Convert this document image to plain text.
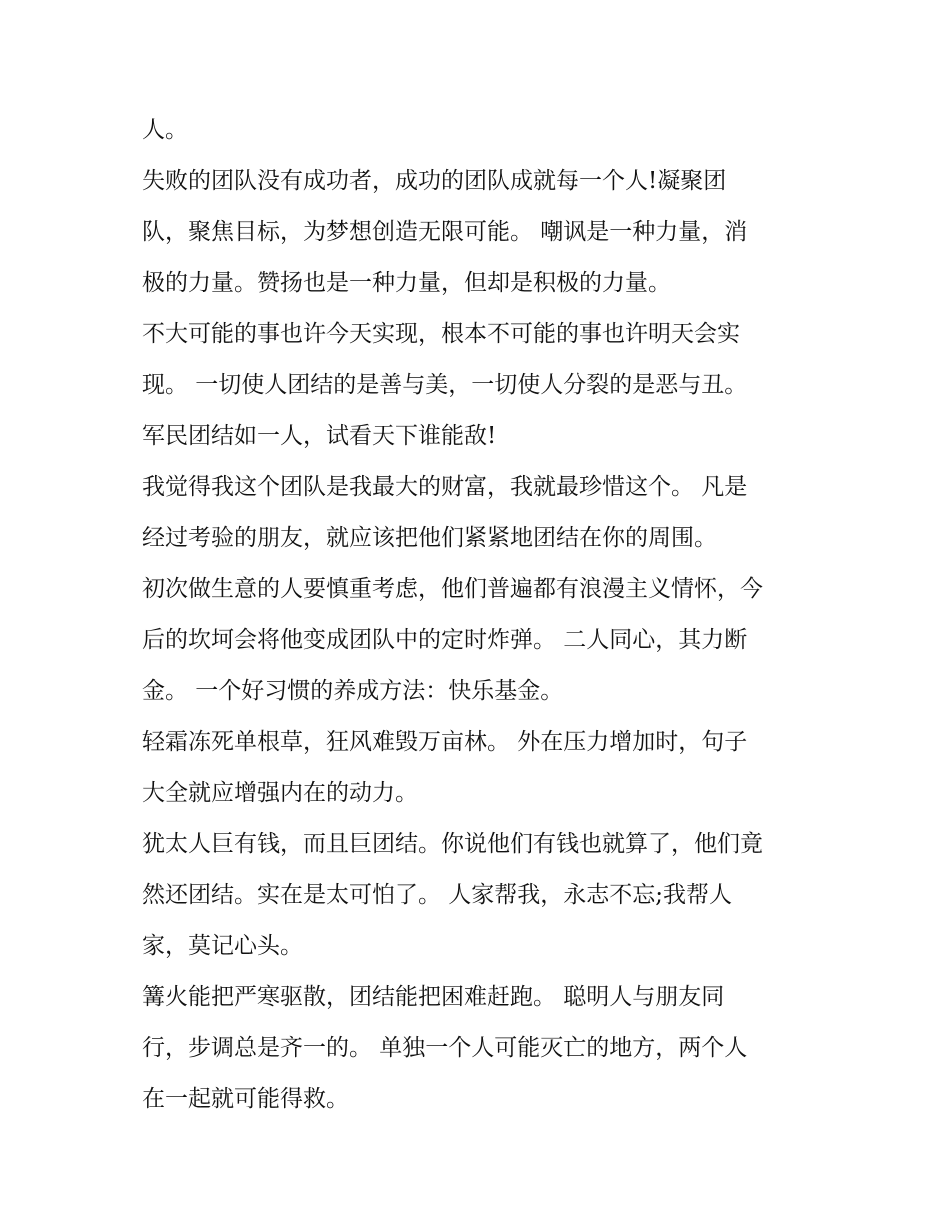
人。
失败的团队没有成功者，成功的团队成就每一个人!凝聚团
队，聚焦目标，为梦想创造无限可能。 嘲讽是一种力量，消
极的力量。赞扬也是一种力量，但却是积极的力量。
不大可能的事也许今天实现，根本不可能的事也许明天会实
现。 一切使人团结的是善与美，一切使人分裂的是恶与丑。
军民团结如一人，试看天下谁能敌!
我觉得我这个团队是我最大的财富，我就最珍惜这个。 凡是
经过考验的朋友，就应该把他们紧紧地团结在你的周围。
初次做生意的人要慎重考虑，他们普遍都有浪漫主义情怀，今
后的坎坷会将他变成团队中的定时炸弹。 二人同心，其力断
金。 一个好习惯的养成方法：快乐基金。
轻霜冻死单根草，狂风难毁万亩林。 外在压力增加时，句子
大全就应增强内在的动力。
犹太人巨有钱，而且巨团结。你说他们有钱也就算了，他们竟
然还团结。实在是太可怕了。 人家帮我，永志不忘;我帮人
家，莫记心头。
篝火能把严寒驱散，团结能把困难赶跑。 聪明人与朋友同
行，步调总是齐一的。 单独一个人可能灭亡的地方，两个人
在一起就可能得救。
